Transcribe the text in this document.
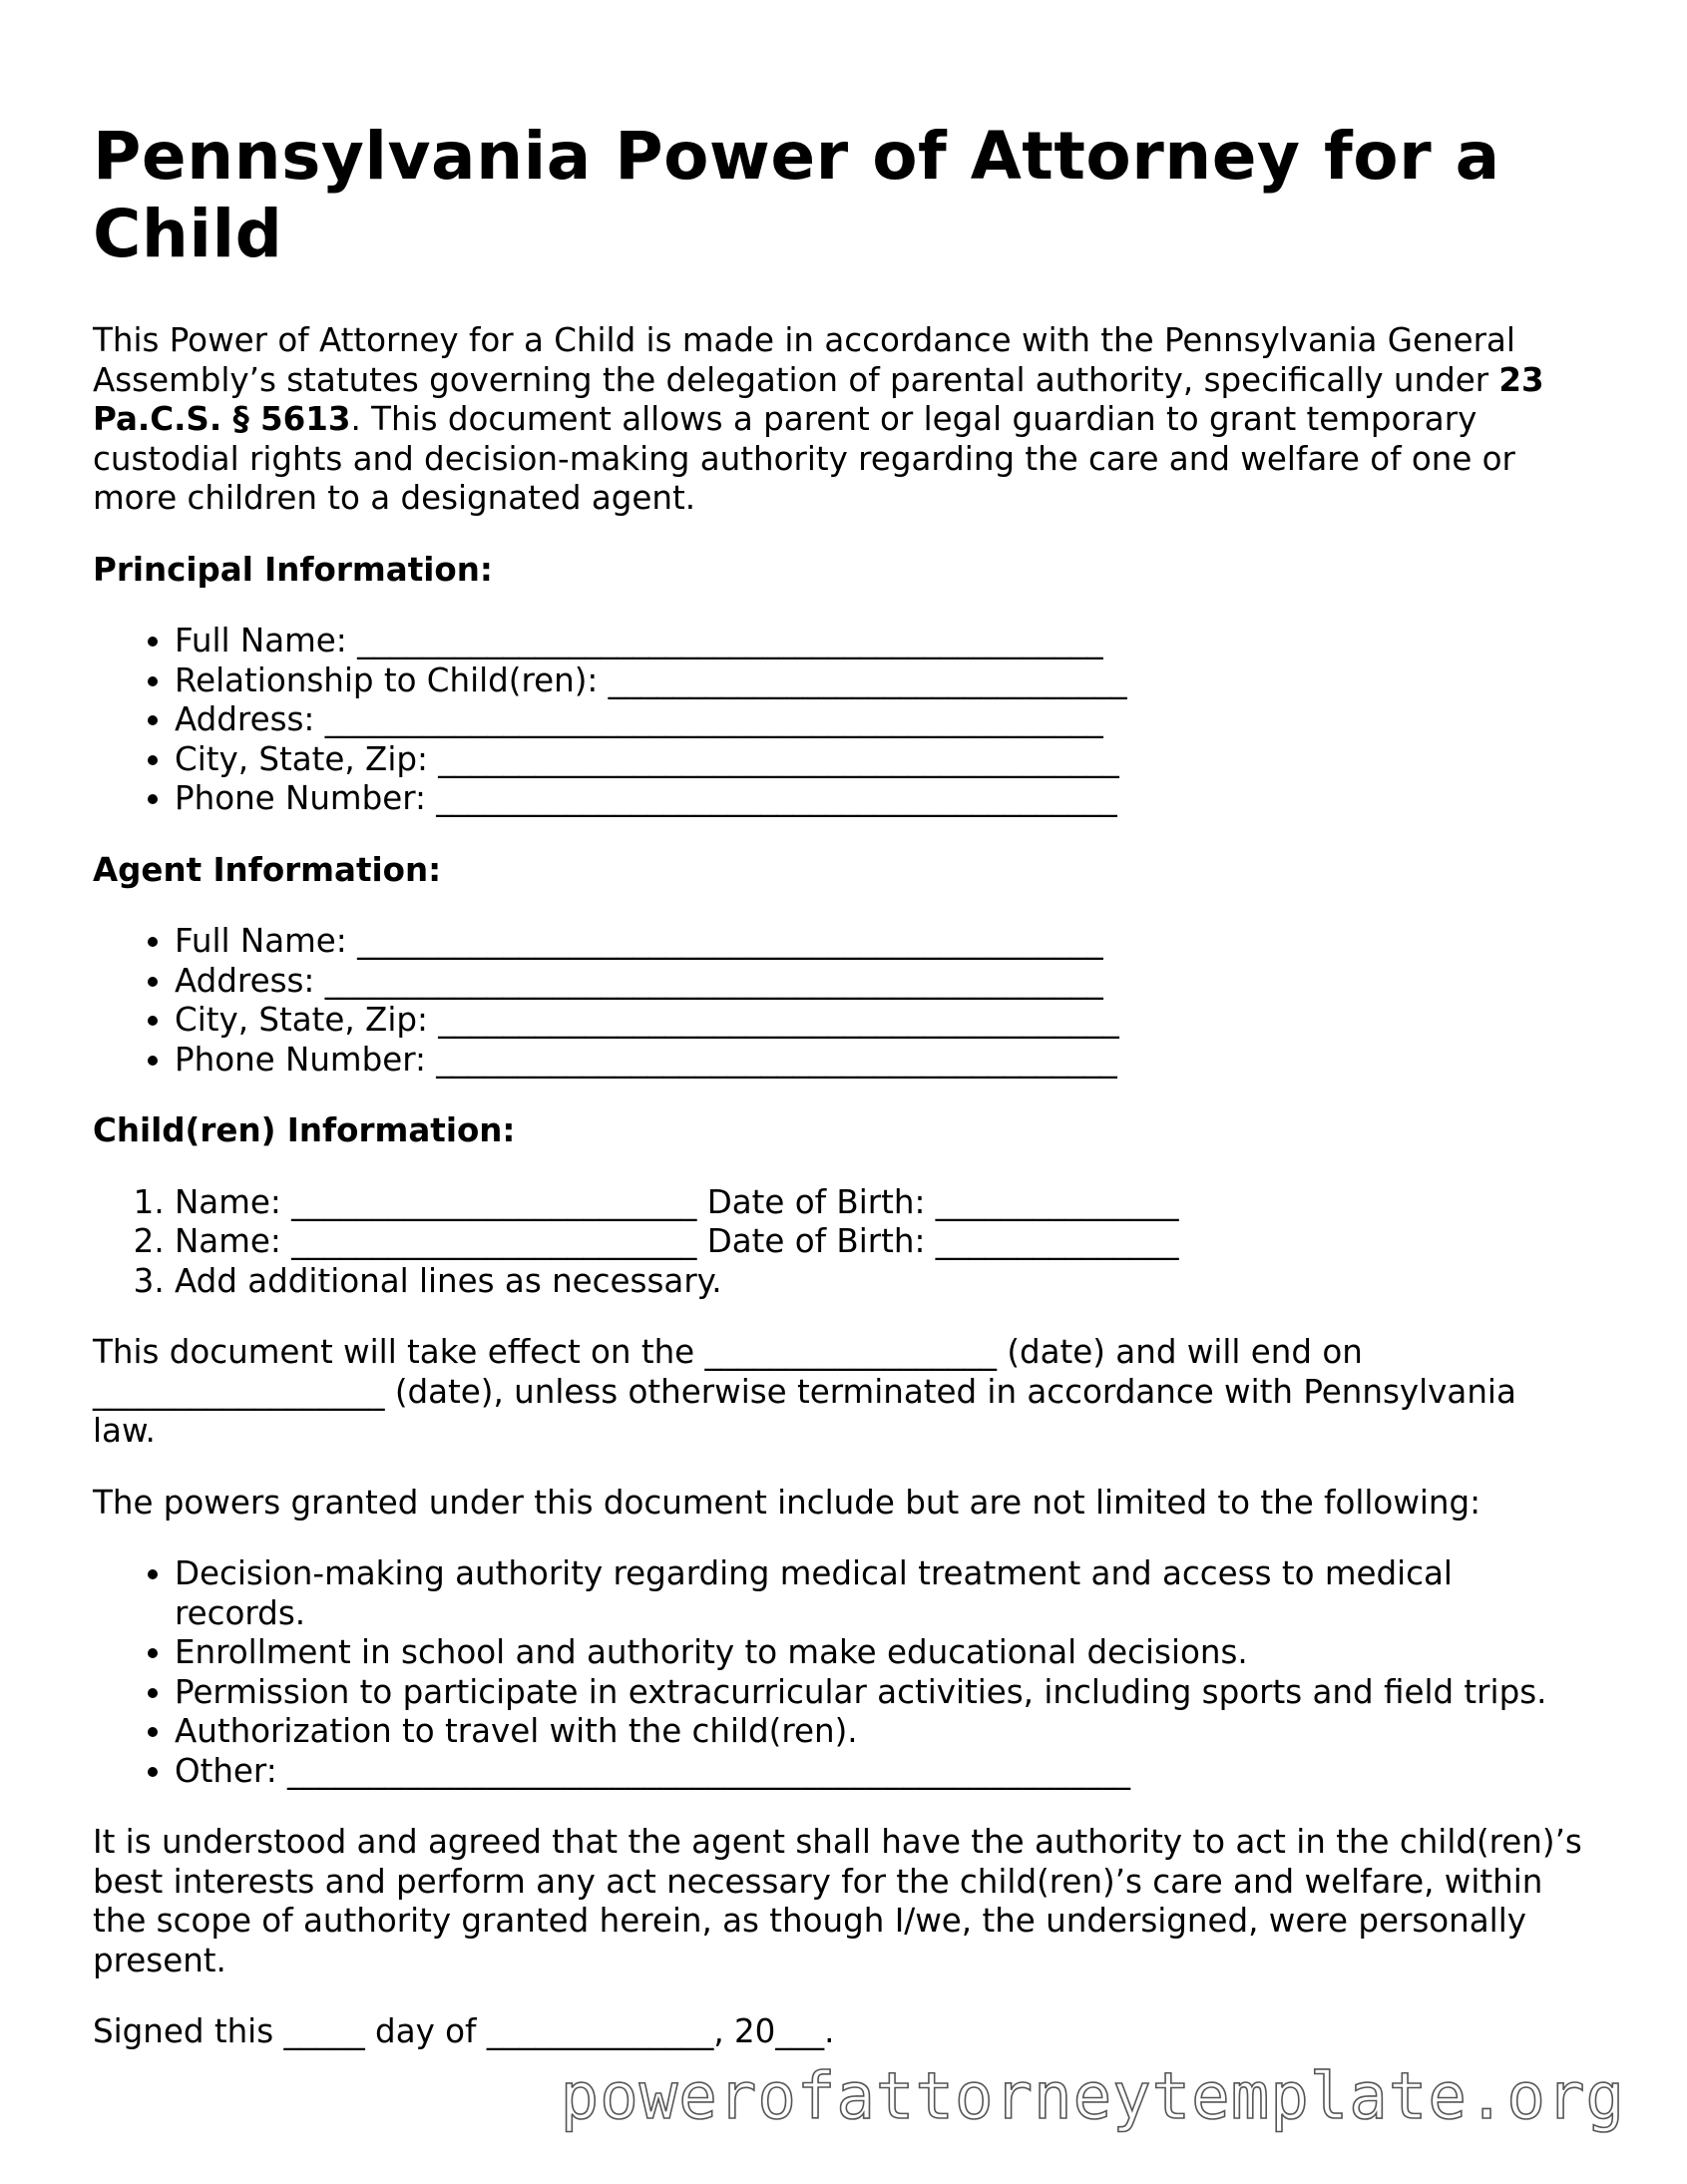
Pennsylvania Power of Attorney for a Child

This Power of Attorney for a Child is made in accordance with the Pennsylvania General Assembly’s statutes governing the delegation of parental authority, specifically under 23 Pa.C.S. § 5613. This document allows a parent or legal guardian to grant temporary custodial rights and decision-making authority regarding the care and welfare of one or more children to a designated agent.

Principal Information:

• Full Name: ______________________________________________
• Relationship to Child(ren): ________________________________
• Address: ________________________________________________
• City, State, Zip: __________________________________________
• Phone Number: __________________________________________

Agent Information:

• Full Name: ______________________________________________
• Address: ________________________________________________
• City, State, Zip: __________________________________________
• Phone Number: __________________________________________

Child(ren) Information:

1. Name: _________________________ Date of Birth: _______________
2. Name: _________________________ Date of Birth: _______________
3. Add additional lines as necessary.

This document will take effect on the __________________ (date) and will end on __________________ (date), unless otherwise terminated in accordance with Pennsylvania law.

The powers granted under this document include but are not limited to the following:

• Decision-making authority regarding medical treatment and access to medical records.
• Enrollment in school and authority to make educational decisions.
• Permission to participate in extracurricular activities, including sports and field trips.
• Authorization to travel with the child(ren).
• Other: ____________________________________________________

It is understood and agreed that the agent shall have the authority to act in the child(ren)’s best interests and perform any act necessary for the child(ren)’s care and welfare, within the scope of authority granted herein, as though I/we, the undersigned, were personally present.

Signed this _____ day of ______________, 20___.

powerofattorneytemplate.org
